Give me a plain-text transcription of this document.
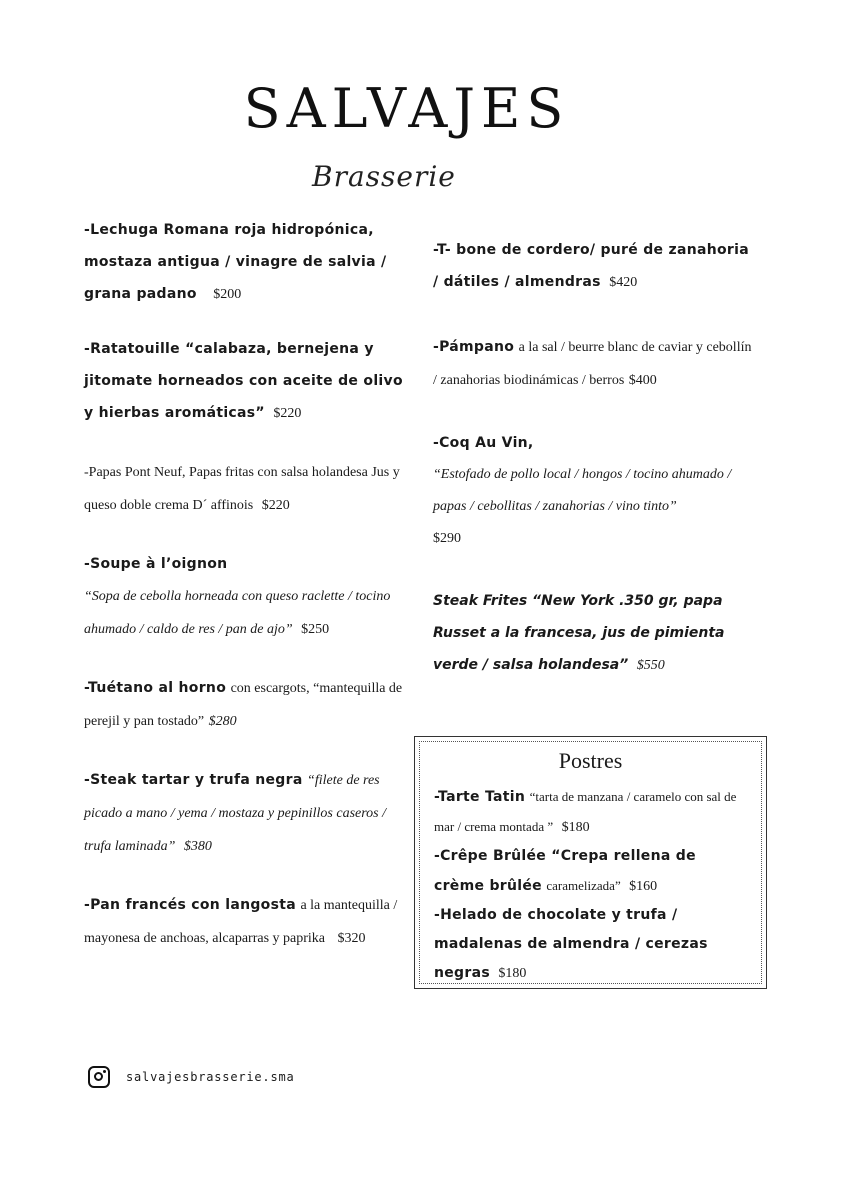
SALVAJES
Brasserie
-Lechuga Romana roja hidropónica, mostaza antigua / vinagre de salvia / grana padano $200
-Ratatouille “calabaza, bernejena y jitomate horneados con aceite de olivo y hierbas aromáticas” $220
-Papas Pont Neuf, Papas fritas con salsa holandesa Jus y queso doble crema D´ affinois $220
-Soupe à l’oignon
“Sopa de cebolla horneada con queso raclette / tocino ahumado / caldo de res / pan de ajo” $250
-Tuétano al horno con escargots, “mantequilla de perejil y pan tostado” $280
-Steak tartar y trufa negra “filete de res picado a mano / yema / mostaza y pepinillos caseros / trufa laminada” $380
-Pan francés con langosta a la mantequilla / mayonesa de anchoas, alcaparras y paprika $320
-T- bone de cordero/ puré de zanahoria / dátiles / almendras $420
-Pámpano a la sal / beurre blanc de caviar y cebollín / zanahorias biodinámicas / berros $400
-Coq Au Vin,
“Estofado de pollo local / hongos / tocino ahumado / papas / cebollitas / zanahorias / vino tinto”
$290
Steak Frites “New York .350 gr, papa Russet a la francesa, jus de pimienta verde / salsa holandesa” $550
Postres
-Tarte Tatin “tarta de manzana / caramelo con sal de mar / crema montada ” $180
-Crêpe Brûlée “Crepa rellena de crème brûlée caramelizada” $160
-Helado de chocolate y trufa / madalenas de almendra / cerezas negras $180
salvajesbrasserie.sma
